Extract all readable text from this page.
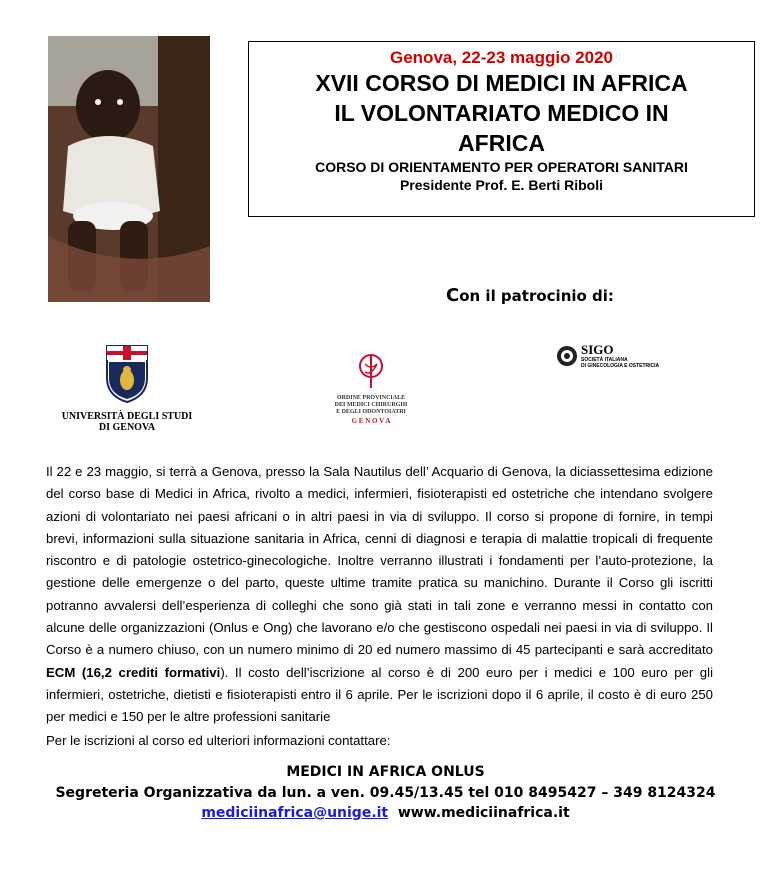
Genova, 22-23 maggio 2020
XVII CORSO DI MEDICI IN AFRICA
IL VOLONTARIATO MEDICO IN
AFRICA
CORSO DI ORIENTAMENTO PER OPERATORI SANITARI
Presidente Prof. E. Berti Riboli
Con il patrocinio di:
UNIVERSITÀ DEGLI STUDI
DI GENOVA
ORDINE PROVINCIALE
DEI MEDICI CHIRURGHI
E DEGLI ODONTOIATRI
G E N O V A
SIGO
SOCIETÀ ITALIANA
DI GINECOLOGIA E OSTETRICIA

Il 22 e 23 maggio, si terrà a Genova, presso la Sala Nautilus dell’ Acquario di Genova, la diciassettesima edizione del corso base di Medici in Africa, rivolto a medici, infermieri, fisioterapisti ed ostetriche che intendano svolgere azioni di volontariato nei paesi africani o in altri paesi in via di sviluppo. Il corso si propone di fornire, in tempi brevi, informazioni sulla situazione sanitaria in Africa, cenni di diagnosi e terapia di malattie tropicali di frequente riscontro e di patologie ostetrico-ginecologiche. Inoltre verranno illustrati i fondamenti per l’auto-protezione, la gestione delle emergenze o del parto, queste ultime tramite pratica su manichino. Durante il Corso gli iscritti potranno avvalersi dell’esperienza di colleghi che sono già stati in tali zone e verranno messi in contatto con alcune delle organizzazioni (Onlus e Ong) che lavorano e/o che gestiscono ospedali nei paesi in via di sviluppo. Il Corso è a numero chiuso, con un numero minimo di 20 ed numero massimo di 45 partecipanti e sarà accreditato ECM (16,2 crediti formativi). Il costo dell’iscrizione al corso è di 200 euro per i medici e 100 euro per gli infermieri, ostetriche, dietisti e fisioterapisti entro il 6 aprile. Per le iscrizioni dopo il 6 aprile, il costo è di euro 250 per medici e 150 per le altre professioni sanitarie

Per le iscrizioni al corso ed ulteriori informazioni contattare:
MEDICI IN AFRICA ONLUS
Segreteria Organizzativa da lun. a ven. 09.45/13.45 tel 010 8495427 – 349 8124324
mediciinafrica@unige.it www.mediciinafrica.it
